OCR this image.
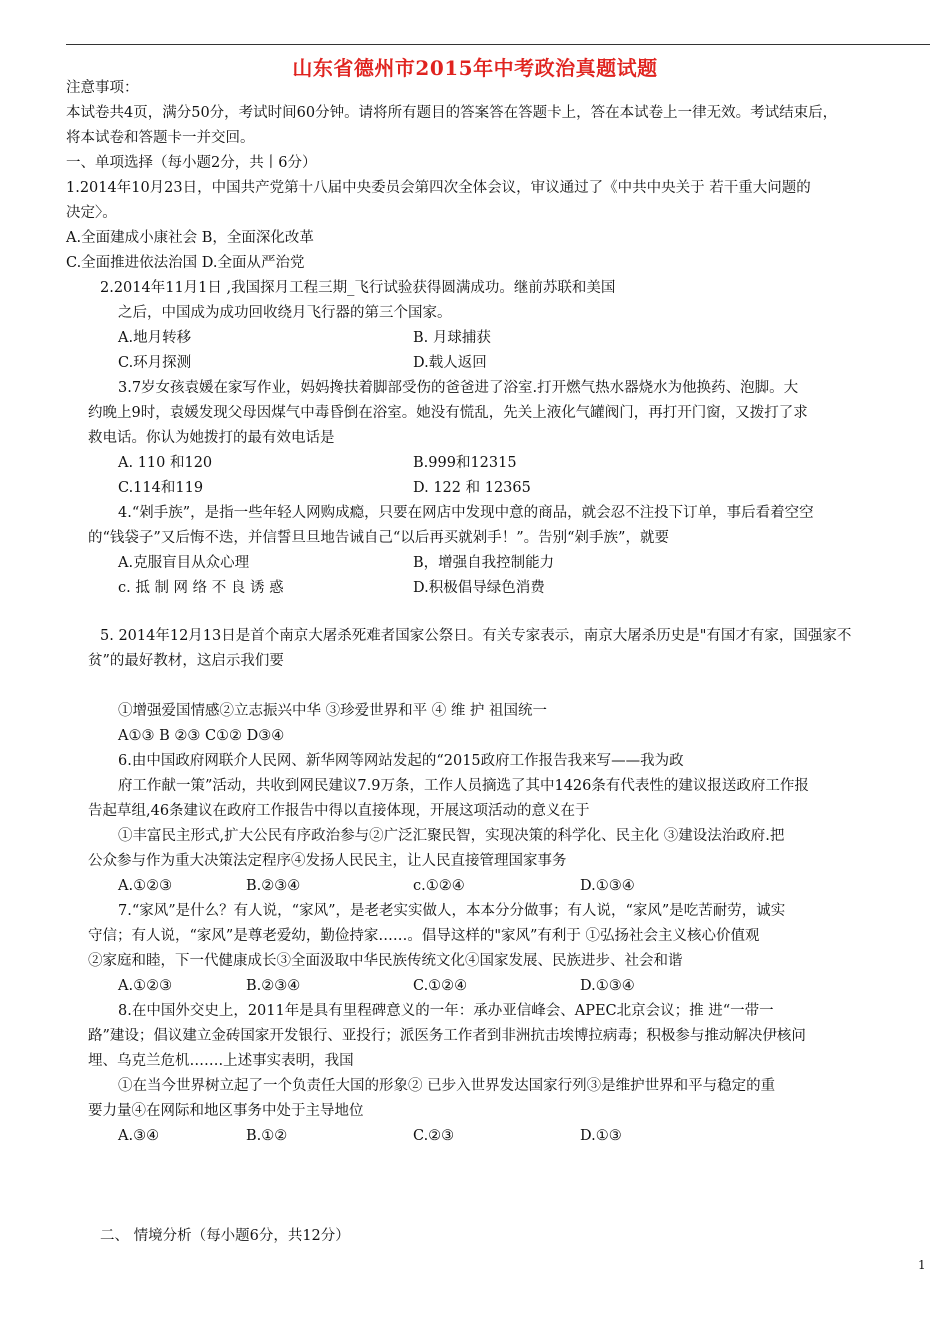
山东省德州市2015年中考政治真题试题
注意事项：
本试卷共4页，满分50分，考试时间60分钟。请将所有题目的答案答在答题卡上，答在本试卷上一律无效。考试结束后，
将本试卷和答题卡一并交回。
一、单项选择（每小题2分，共丨6分）
1.2014年10月23日，中国共产党第十八届中央委员会第四次全体会议，审议通过了《中共中央关于 若干重大问题的
决定〉。
A.全面建成小康社会 B，全面深化改革
C.全面推进依法治国 D.全面从严治党
2.2014年11月1日 ,我国探月工程三期_飞行试验获得圆满成功。继前苏联和美国
之后，中国成为成功回收绕月飞行器的第三个国家。
A.地月转移	B. 月球捕获
C.环月探测	D.载人返回
3.7岁女孩袁媛在家写作业，妈妈搀扶着脚部受伤的爸爸进了浴室.打开燃气热水器烧水为他换药、泡脚。大
约晚上9时，袁媛发现父母因煤气中毒昏倒在浴室。她没有慌乱，先关上液化气罐阀门，再打开门窗，又拨打了求
救电话。你认为她拨打的最有效电话是
A. 110 和120	B.999和12315
C.114和119	D. 122 和 12365
4.“剁手族”，是指一些年轻人网购成瘾，只要在网店中发现中意的商品，就会忍不注投下订单，事后看着空空
的“钱袋子”又后悔不迭，并信誓旦旦地告诫自己“以后再买就剁手！”。告别“剁手族”，就要
A.克服盲目从众心理	B，增强自我控制能力
c. 抵 制 网 络 不 良 诱 惑	D.积极倡导绿色消费
5. 2014年12月13日是首个南京大屠杀死难者国家公祭日。有关专家表示，南京大屠杀历史是"有国才有家，国强家不
贫”的最好教材，这启示我们要
①增强爱国情感②立志振兴中华 ③珍爱世界和平 ④ 维 护 祖国统一
A①③ B ②③ C①② D③④
6.由中国政府网联介人民网、新华网等网站发起的“2015政府工作报告我来写——我为政
府工作献一策”活动，共收到网民建议7.9万条，工作人员摘选了其中1426条有代表性的建议报送政府工作报
告起草组,46条建议在政府工作报告中得以直接体现，开展这项活动的意义在于
①丰富民主形式,扩大公民有序政治参与②广泛汇聚民智，实现决策的科学化、民主化 ③建设法治政府.把
公众参与作为重大决策法定程序④发扬人民民主，让人民直接管理国家事务
A.①②③	B.②③④	c.①②④	D.①③④
7.“家风”是什么？有人说，“家风”，是老老实实做人，本本分分做事；有人说，“家风”是吃苦耐劳，诚实
守信；有人说，“家风”是尊老爱幼，勤俭持家……。倡导这样的"家风”有利于 ①弘扬社会主义核心价值观
②家庭和睦，下一代健康成长③全面汲取中华民族传统文化④国家发展、民族进步、社会和谐
A.①②③	B.②③④	C.①②④	D.①③④
8.在中国外交史上，2011年是具有里程碑意义的一年：承办亚信峰会、APEC北京会议；推 进“一带一
路”建设；倡议建立金砖国家开发银行、亚投行；派医务工作者到非洲抗击埃博拉病毒；积极参与推动解决伊核问
埋、乌克兰危机…….上述事实表明，我国
①在当今世界树立起了一个负责任大国的形象② 已步入世界发达国家行列③是维护世界和平与稳定的重
要力量④在网际和地区事务中处于主导地位
A.③④	B.①②	C.②③	D.①③
二、 情境分析（每小题6分，共12分）
1
